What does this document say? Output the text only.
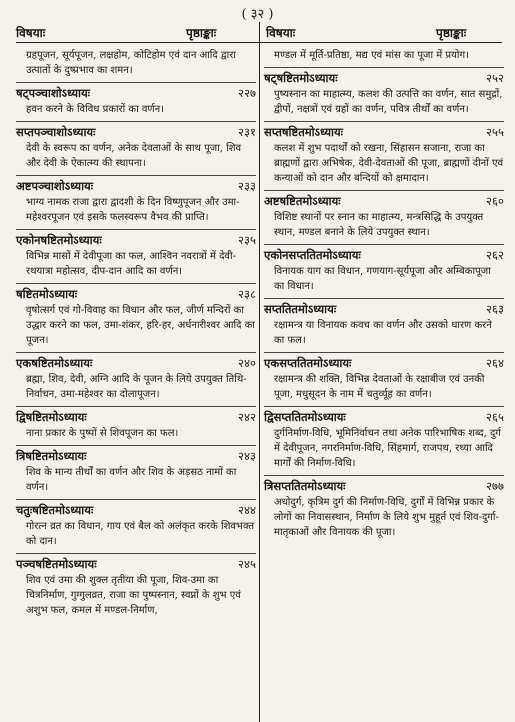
( ३२ )
विषयाः	पृष्ठाङ्काः	विषयाः	पृष्ठाङ्काः
ग्रहपूजन, सूर्यपूजन, लक्षहोम, कोटिहोम एवं दान आदि द्वारा उत्पातों के दुष्प्रभाव का शमन।
षट्पञ्चाशोऽध्यायः	२२७
हवन करने के विविध प्रकारों का वर्णन।
सप्तपञ्चाशोऽध्यायः	२३१
देवी के स्वरूप का वर्णन, अनेक देवताओं के साथ पूजा, शिव और देवी के ऐकात्म्य की स्थापना।
अष्टपञ्चाशोऽध्यायः	२३३
भाग्य नामक राजा द्वारा द्वादशी के दिन विष्णुपूजन और उमा-महेश्वरपूजन एवं इसके फलस्वरूप वैभव की प्राप्ति।
एकोनषष्टितमोऽध्यायः	२३५
विभिन्न मासों में देवीपूजा का फल, आश्विन नवरात्रों में देवी-रथयात्रा महोत्सव, दीप-दान आदि का वर्णन।
षष्टितमोऽध्यायः	२३८
वृषोत्सर्ग एवं गो-विवाह का विधान और फल, जीर्ण मन्दिरों का उद्धार करने का फल, उमा-शंकर, हरि-हर, अर्धनारीश्वर आदि का पूजन।
एकषष्टितमोऽध्यायः	२४०
ब्रह्मा, शिव, देवी, अग्नि आदि के पूजन के लिये उपयुक्त तिथि-निर्वाचन, उमा-महेश्वर का दोलापूजन।
द्विषष्टितमोऽध्यायः	२४२
नाना प्रकार के पुष्पों से शिवपूजन का फल।
त्रिषष्टितमोऽध्यायः	२४३
शिव के मान्य तीर्थों का वर्णन और शिव के अड़सठ नामों का वर्णन।
चतुःषष्टितमोऽध्यायः	२४४
गोरत्न व्रत का विधान, गाय एवं बैल को अलंकृत करके शिवभक्त को दान।
पञ्चषष्टितमोऽध्यायः	२४५
शिव एवं उमा की शुक्ल तृतीया की पूजा, शिव-उमा का चित्रनिर्माण, गुग्गुलव्रत, राजा का पुष्पस्नान, स्वप्नों के शुभ एवं अशुभ फल, कमल में मण्डल-निर्माण,
मण्डल में मूर्ति-प्रतिष्ठा, मद्य एवं मांस का पूजा में प्रयोग।
षट्षष्टितमोऽध्यायः	२५२
पुष्यस्नान का माहात्म्य, कलश की उत्पत्ति का वर्णन, सात समुद्रों, द्वीपों, नक्षत्रों एवं ग्रहों का वर्णन, पवित्र तीर्थों का वर्णन।
सप्तषष्टितमोऽध्यायः	२५५
कलश में शुभ पदार्थों को रखना, सिंहासन सजाना, राजा का ब्राह्मणों द्वारा अभिषेक, देवी-देवताओं की पूजा, ब्राह्मणों दीनों एवं कन्याओं को दान और बन्दियों को क्षमादान।
अष्टषष्टितमोऽध्यायः	२६०
विशिष्ट स्थानों पर स्नान का माहात्म्य, मन्त्रसिद्धि के उपयुक्त स्थान, मण्डल बनाने के लिये उपयुक्त स्थान।
एकोनसप्ततितमोऽध्यायः	२६२
विनायक याग का विधान, गणयाग-सूर्यपूजा और अम्बिकापूजा का विधान।
सप्ततितमोऽध्यायः	२६३
रक्षामन्त्र या विनायक कवच का वर्णन और उसको धारण करने का फल।
एकसप्ततितमोऽध्यायः	२६४
रक्षामन्त्र की शक्ति, विभिन्न देवताओं के रक्षाबीज एवं उनकी पूजा, मधुसूदन के नाम में चतुर्व्यूह का वर्णन।
द्विसप्ततितमोऽध्यायः	२६५
दुर्गनिर्माण-विधि, भूमिनिर्वाचन तथा अनेक पारिभाषिक शब्द, दुर्ग में देवीपूजन, नगरनिर्माण-विधि, सिंहमार्ग, राजपथ, रथ्या आदि मार्गों की निर्माण-विधि।
त्रिसप्ततितमोऽध्यायः	२७७
अधोदुर्ग, कृत्रिम दुर्ग की निर्माण-विधि, दुर्गों में विभिन्न प्रकार के लोगों का निवासस्थान, निर्माण के लिये शुभ मुहूर्त एवं शिव-दुर्गा-मातृकाओं और विनायक की पूजा।
